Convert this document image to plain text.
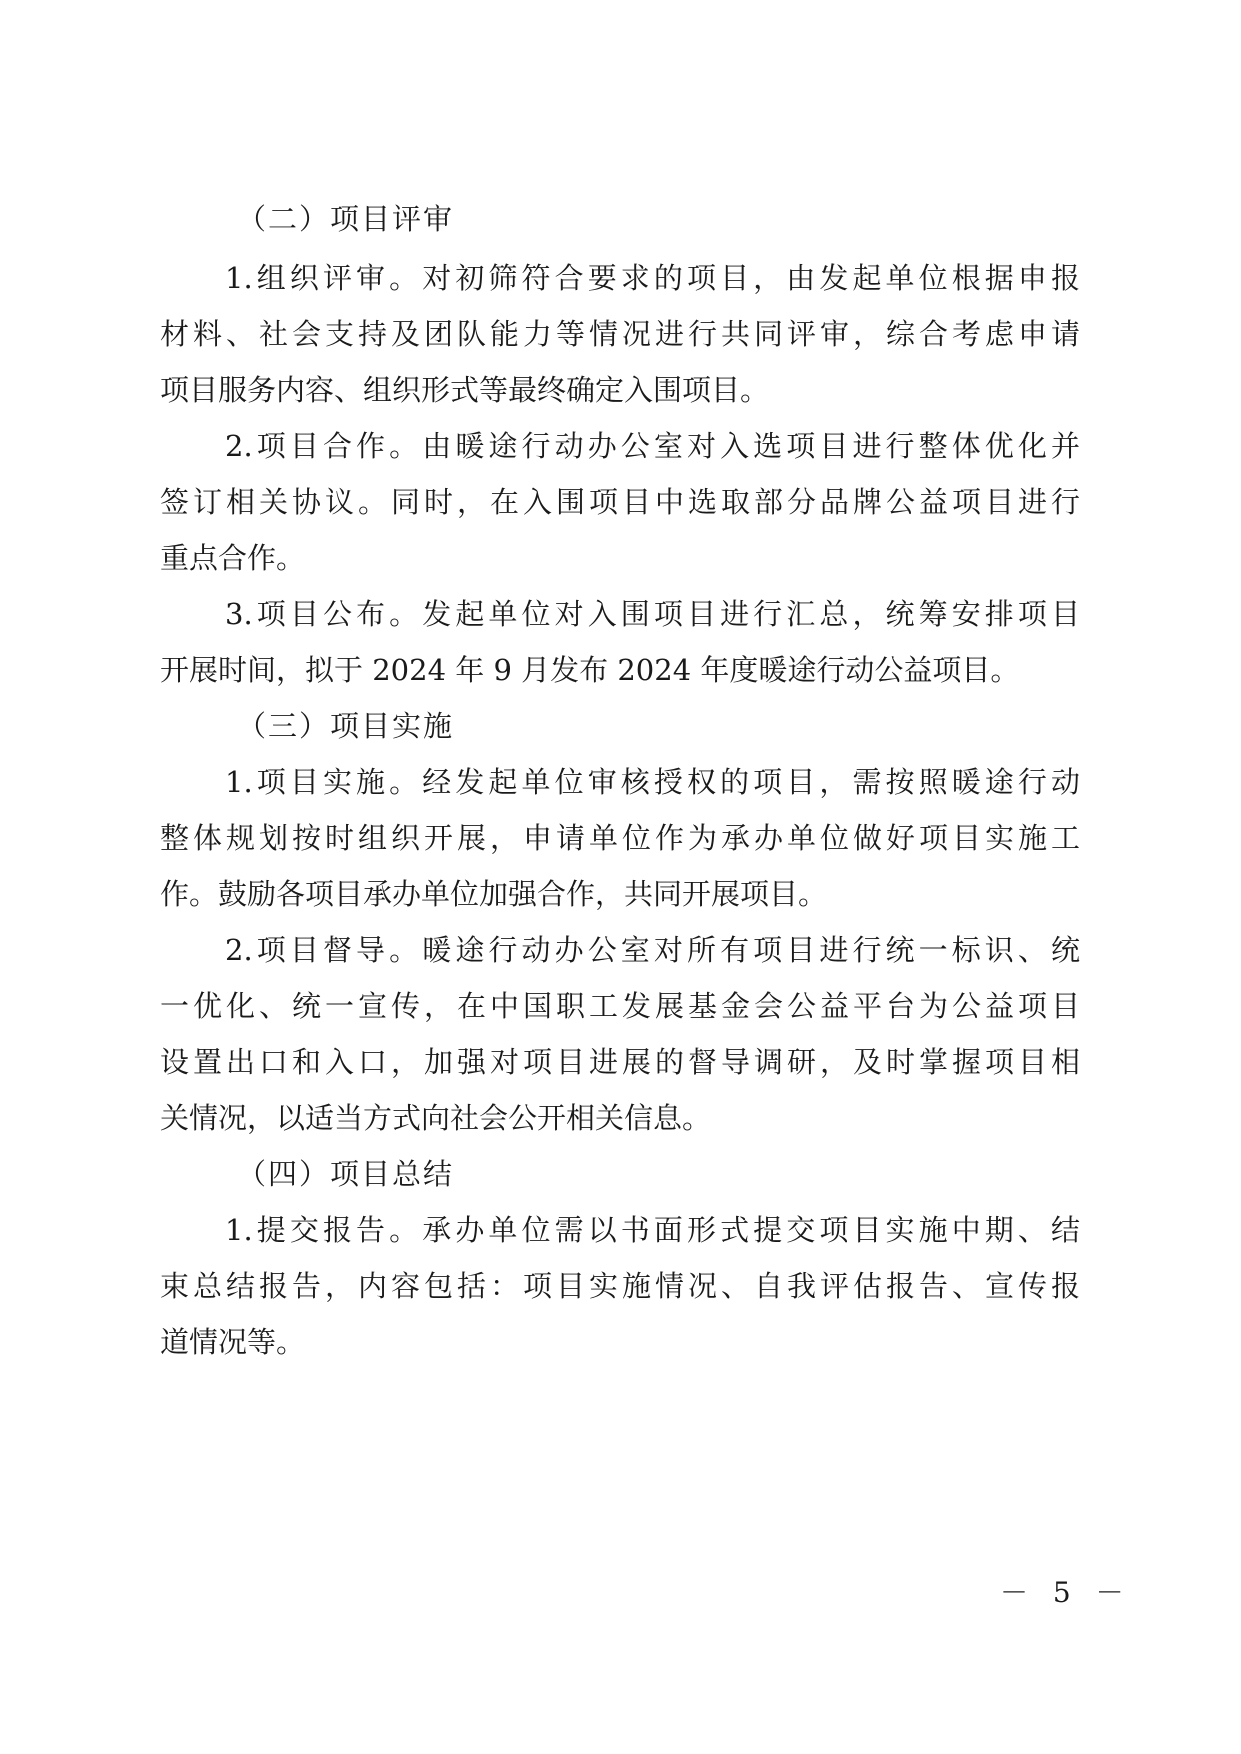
（二）项目评审
1.组织评审。对初筛符合要求的项目，由发起单位根据申报
材料、社会支持及团队能力等情况进行共同评审，综合考虑申请
项目服务内容、组织形式等最终确定入围项目。
2.项目合作。由暖途行动办公室对入选项目进行整体优化并
签订相关协议。同时，在入围项目中选取部分品牌公益项目进行
重点合作。
3.项目公布。发起单位对入围项目进行汇总，统筹安排项目
开展时间，拟于 2024 年 9 月发布 2024 年度暖途行动公益项目。
（三）项目实施
1.项目实施。经发起单位审核授权的项目，需按照暖途行动
整体规划按时组织开展，申请单位作为承办单位做好项目实施工
作。鼓励各项目承办单位加强合作，共同开展项目。
2.项目督导。暖途行动办公室对所有项目进行统一标识、统
一优化、统一宣传，在中国职工发展基金会公益平台为公益项目
设置出口和入口，加强对项目进展的督导调研，及时掌握项目相
关情况，以适当方式向社会公开相关信息。
（四）项目总结
1.提交报告。承办单位需以书面形式提交项目实施中期、结
束总结报告，内容包括：项目实施情况、自我评估报告、宣传报
道情况等。
－ 5 －
